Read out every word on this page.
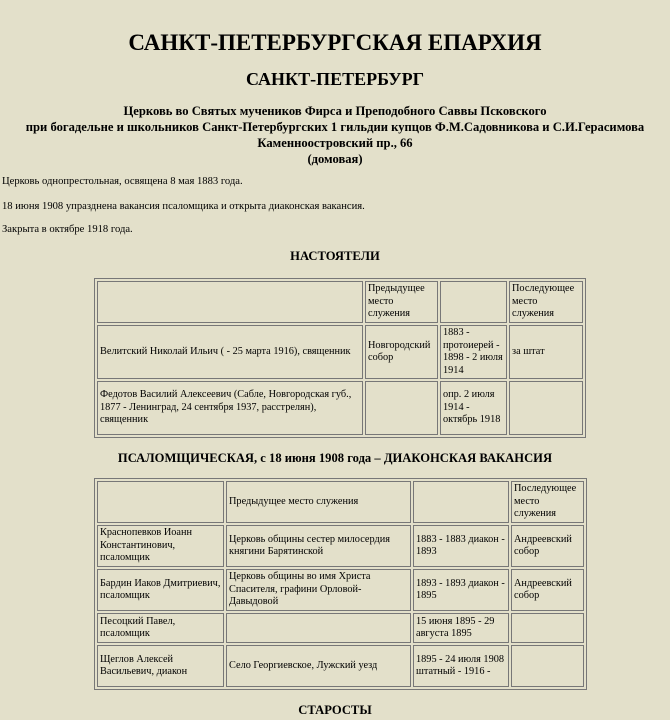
САНКТ-ПЕТЕРБУРГСКАЯ ЕПАРХИЯ
САНКТ-ПЕТЕРБУРГ
Церковь во Святых мучеников Фирса и Преподобного Саввы Псковского
при богадельне и школьников Санкт-Петербургских 1 гильдии купцов Ф.М.Садовникова и С.И.Герасимова
Каменноостровский пр., 66
(домовая)
Церковь однопрестольная, освящена 8 мая 1883 года.
18 июня 1908 упразднена вакансия псаломщика и открыта диаконская вакансия.
Закрыта в октябре 1918 года.
НАСТОЯТЕЛИ
	Предыдущее место служения		Последующее место служения
Велитский Николай Ильич ( - 25 марта 1916), священник	Новгородский собор	1883 - протоиерей - 1898 - 2 июля 1914	за штат
Федотов Василий Алексеевич (Сабле, Новгородская губ., 1877 - Ленинград, 24 сентября 1937, расстрелян), священник		опр. 2 июля 1914 - октябрь 1918	
ПСАЛОМЩИЧЕСКАЯ, с 18 июня 1908 года – ДИАКОНСКАЯ ВАКАНСИЯ
	Предыдущее место служения		Последующее место служения
Краснопевков Иоанн Константинович, псаломщик	Церковь общины сестер милосердия княгини Барятинской	1883 - 1883 диакон - 1893	Андреевский собор
Бардин Иаков Дмитриевич, псаломщик	Церковь общины во имя Христа Спасителя, графини Орловой-Давыдовой	1893 - 1893 диакон - 1895	Андреевский собор
Песоцкий Павел, псаломщик		15 июня 1895 - 29 августа 1895	
Щеглов Алексей Васильевич, диакон	Село Георгиевское, Лужский уезд	1895 - 24 июля 1908 штатный - 1916 -	
СТАРОСТЫ
